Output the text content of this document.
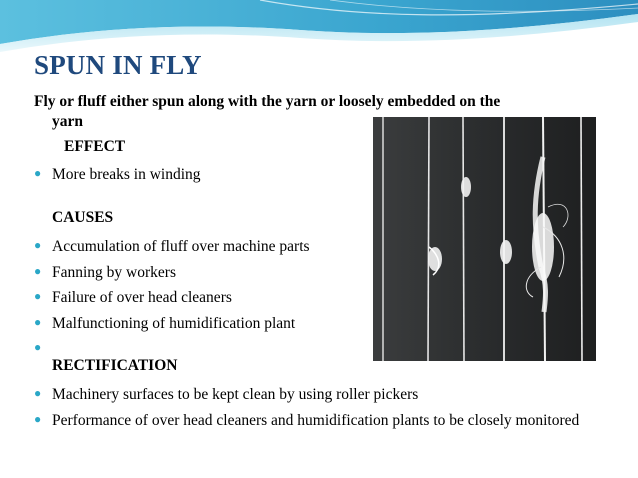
SPUN IN FLY
Fly or fluff either spun along with the yarn or loosely embedded on the
yarn
EFFECT
● More breaks in winding
CAUSES
● Accumulation of fluff over machine parts
● Fanning by workers
● Failure of over head cleaners
● Malfunctioning of humidification plant
●
RECTIFICATION
● Machinery surfaces to be kept clean by using roller pickers
● Performance of over head cleaners and humidification plants to be closely monitored
